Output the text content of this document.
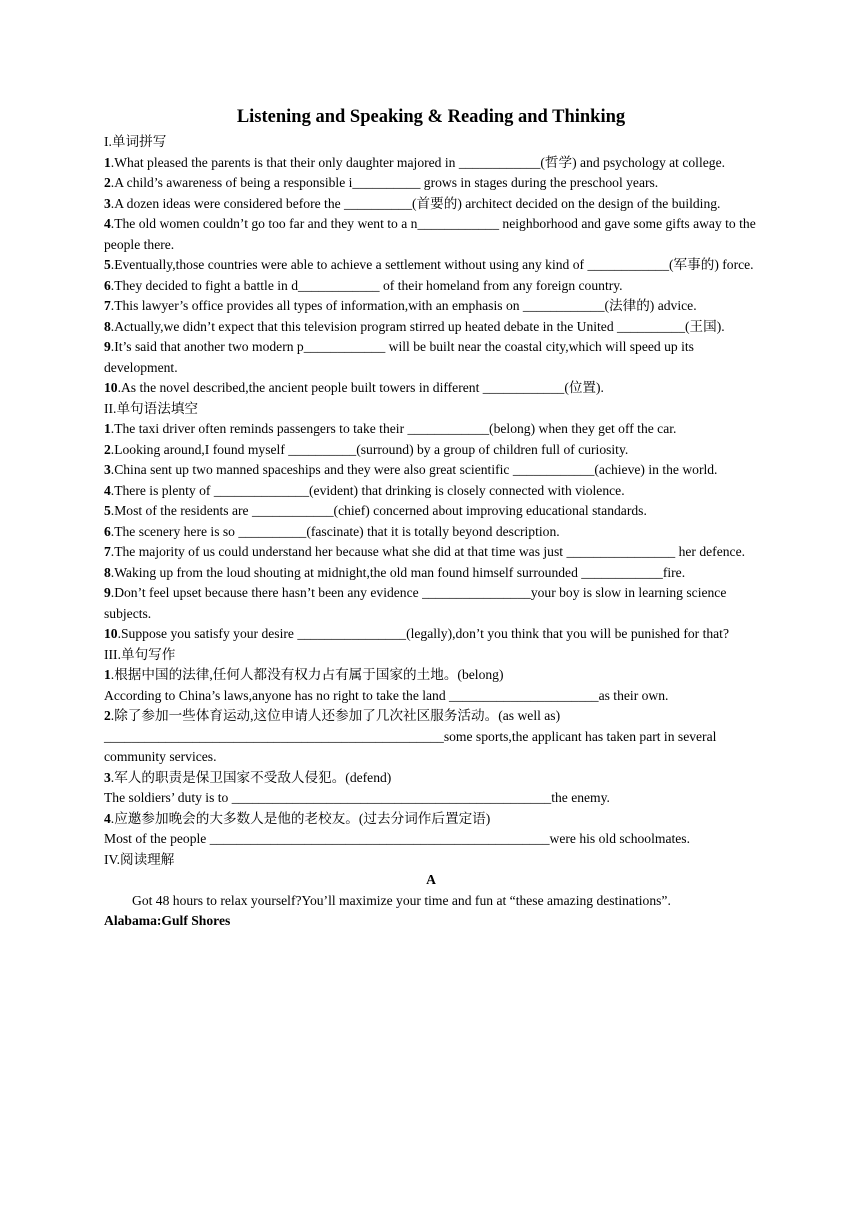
Listening and Speaking & Reading and Thinking

I.单词拼写

1.What pleased the parents is that their only daughter majored in ____________(哲学) and psychology at college.

2.A child’s awareness of being a responsible i__________ grows in stages during the preschool years.

3.A dozen ideas were considered before the __________(首要的) architect decided on the design of the building.

4.The old women couldn’t go too far and they went to a n____________ neighborhood and gave some gifts away to the people there.

5.Eventually,those countries were able to achieve a settlement without using any kind of ____________(军事的) force.

6.They decided to fight a battle in d____________ of their homeland from any foreign country.

7.This lawyer’s office provides all types of information,with an emphasis on ____________(法律的) advice.

8.Actually,we didn’t expect that this television program stirred up heated debate in the United __________(王国).

9.It’s said that another two modern p____________ will be built near the coastal city,which will speed up its development.

10.As the novel described,the ancient people built towers in different ____________(位置).

II.单句语法填空

1.The taxi driver often reminds passengers to take their ____________(belong) when they get off the car.

2.Looking around,I found myself __________(surround) by a group of children full of curiosity.

3.China sent up two manned spaceships and they were also great scientific ____________(achieve) in the world.

4.There is plenty of ______________(evident) that drinking is closely connected with violence.

5.Most of the residents are ____________(chief) concerned about improving educational standards.

6.The scenery here is so __________(fascinate) that it is totally beyond description.

7.The majority of us could understand her because what she did at that time was just ________________ her defence.

8.Waking up from the loud shouting at midnight,the old man found himself surrounded ____________fire.

9.Don’t feel upset because there hasn’t been any evidence ________________your boy is slow in learning science subjects.

10.Suppose you satisfy your desire ________________(legally),don’t you think that you will be punished for that?

III.单句写作

1.根据中国的法律,任何人都没有权力占有属于国家的土地。(belong)

According to China’s laws,anyone has no right to take the land ______________________as their own.

2.除了参加一些体育运动,这位申请人还参加了几次社区服务活动。(as well as)

__________________________________________________some sports,the applicant has taken part in several community services.

3.军人的职责是保卫国家不受敌人侵犯。(defend)

The soldiers’ duty is to _______________________________________________the enemy.

4.应邀参加晚会的大多数人是他的老校友。(过去分词作后置定语)

Most of the people __________________________________________________were his old schoolmates.

IV.阅读理解

A

Got 48 hours to relax yourself?You’ll maximize your time and fun at “these amazing destinations”.

Alabama:Gulf Shores
